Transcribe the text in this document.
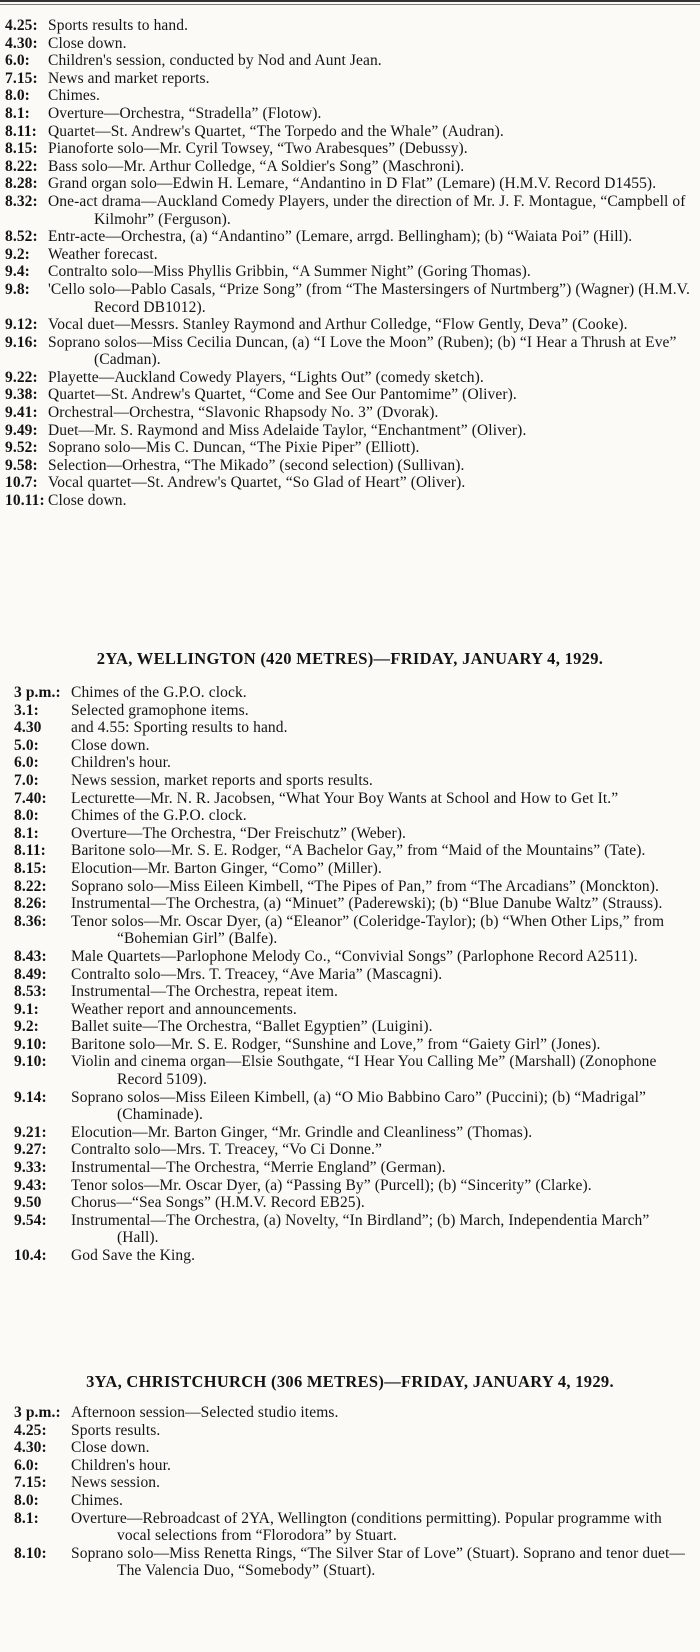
4.25: Sports results to hand.
4.30: Close down.
6.0:	Children's session, conducted by Nod and Aunt Jean.
7.15: News and market reports.
8.0:	Chimes.
8.1:	Overture—Orchestra, “Stradella” (Flotow).
8.11: Quartet—St. Andrew's Quartet, “The Torpedo and the Whale” (Audran).
8.15: Pianoforte solo—Mr. Cyril Towsey, “Two Arabesques” (Debussy).
8.22: Bass solo—Mr. Arthur Colledge, “A Soldier's Song” (Maschroni).
8.28: Grand organ solo—Edwin H. Lemare, “Andantino in D Flat” (Lemare) (H.M.V. Record D1455).
8.32: One-act drama—Auckland Comedy Players, under the direction of Mr. J. F. Montague, “Campbell of Kilmohr” (Ferguson).
8.52: Entr-acte—Orchestra, (a) “Andantino” (Lemare, arrgd. Bellingham); (b) “Waiata Poi” (Hill).
9.2:	Weather forecast.
9.4:	Contralto solo—Miss Phyllis Gribbin, “A Summer Night” (Goring Thomas).
9.8:	'Cello solo—Pablo Casals, “Prize Song” (from “The Mastersingers of Nurtmberg”) (Wagner) (H.M.V. Record DB1012).
9.12: Vocal duet—Messrs. Stanley Raymond and Arthur Colledge, “Flow Gently, Deva” (Cooke).
9.16: Soprano solos—Miss Cecilia Duncan, (a) “I Love the Moon” (Ruben); (b) “I Hear a Thrush at Eve” (Cadman).
9.22: Playette—Auckland Cowedy Players, “Lights Out” (comedy sketch).
9.38: Quartet—St. Andrew's Quartet, “Come and See Our Pantomime” (Oliver).
9.41: Orchestral—Orchestra, “Slavonic Rhapsody No. 3” (Dvorak).
9.49: Duet—Mr. S. Raymond and Miss Adelaide Taylor, “Enchantment” (Oliver).
9.52: Soprano solo—Mis C. Duncan, “The Pixie Piper” (Elliott).
9.58: Selection—Orhestra, “The Mikado” (second selection) (Sullivan).
10.7: Vocal quartet—St. Andrew's Quartet, “So Glad of Heart” (Oliver).
10.11: Close down.
2YA, WELLINGTON (420 METRES)—FRIDAY, JANUARY 4, 1929.
3 p.m.: Chimes of the G.P.O. clock.
3.1:	Selected gramophone items.
4.30	and 4.55: Sporting results to hand.
5.0:	Close down.
6.0:	Children's hour.
7.0:	News session, market reports and sports results.
7.40:	Lecturette—Mr. N. R. Jacobsen, “What Your Boy Wants at School and How to Get It.”
8.0:	Chimes of the G.P.O. clock.
8.1:	Overture—The Orchestra, “Der Freischutz” (Weber).
8.11:	Baritone solo—Mr. S. E. Rodger, “A Bachelor Gay,” from “Maid of the Mountains” (Tate).
8.15:	Elocution—Mr. Barton Ginger, “Como” (Miller).
8.22:	Soprano solo—Miss Eileen Kimbell, “The Pipes of Pan,” from “The Arcadians” (Monckton).
8.26:	Instrumental—The Orchestra, (a) “Minuet” (Paderewski); (b) “Blue Danube Waltz” (Strauss).
8.36:	Tenor solos—Mr. Oscar Dyer, (a) “Eleanor” (Coleridge-Taylor); (b) “When Other Lips,” from “Bohemian Girl” (Balfe).
8.43:	Male Quartets—Parlophone Melody Co., “Convivial Songs” (Parlophone Record A2511).
8.49:	Contralto solo—Mrs. T. Treacey, “Ave Maria” (Mascagni).
8.53:	Instrumental—The Orchestra, repeat item.
9.1:	Weather report and announcements.
9.2:	Ballet suite—The Orchestra, “Ballet Egyptien” (Luigini).
9.10:	Baritone solo—Mr. S. E. Rodger, “Sunshine and Love,” from “Gaiety Girl” (Jones).
9.10:	Violin and cinema organ—Elsie Southgate, “I Hear You Calling Me” (Marshall) (Zonophone Record 5109).
9.14:	Soprano solos—Miss Eileen Kimbell, (a) “O Mio Babbino Caro” (Puccini); (b) “Madrigal” (Chaminade).
9.21:	Elocution—Mr. Barton Ginger, “Mr. Grindle and Cleanliness” (Thomas).
9.27:	Contralto solo—Mrs. T. Treacey, “Vo Ci Donne.”
9.33:	Instrumental—The Orchestra, “Merrie England” (German).
9.43:	Tenor solos—Mr. Oscar Dyer, (a) “Passing By” (Purcell); (b) “Sincerity” (Clarke).
9.50	Chorus—“Sea Songs” (H.M.V. Record EB25).
9.54:	Instrumental—The Orchestra, (a) Novelty, “In Birdland”; (b) March, Independentia March” (Hall).
10.4:	God Save the King.
3YA, CHRISTCHURCH (306 METRES)—FRIDAY, JANUARY 4, 1929.
3 p.m.: Afternoon session—Selected studio items.
4.25:	Sports results.
4.30:	Close down.
6.0:	Children's hour.
7.15:	News session.
8.0:	Chimes.
8.1:	Overture—Rebroadcast of 2YA, Wellington (conditions permitting). Popular programme with vocal selections from “Florodora” by Stuart.
8.10:	Soprano solo—Miss Renetta Rings, “The Silver Star of Love” (Stuart). Soprano and tenor duet—The Valencia Duo, “Somebody” (Stuart).
